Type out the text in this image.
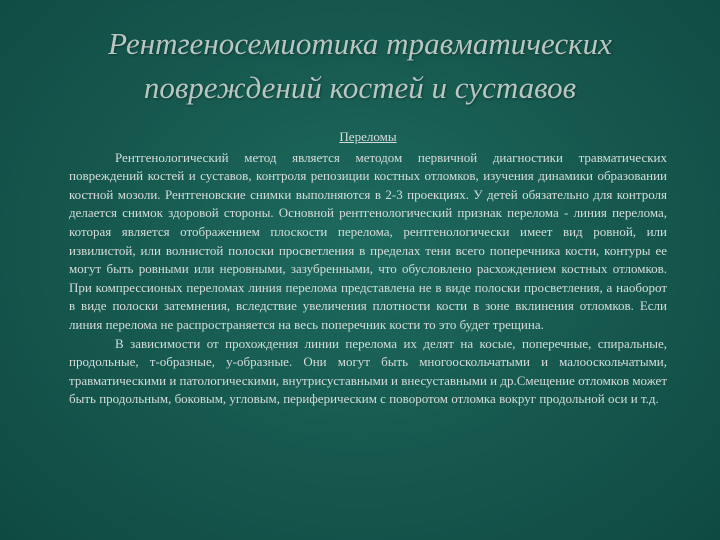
Рентгеносемиотика травматических повреждений костей и суставов

Переломы

Рентгенологический метод является методом первичной диагностики травматических повреждений костей и суставов, контроля репозиции костных отломков, изучения динамики образовании костной мозоли. Рентгеновские снимки выполняются в 2-3 проекциях. У детей обязательно для контроля делается снимок здоровой стороны. Основной рентгенологический признак перелома - линия перелома, которая является отображением плоскости перелома, рентгенологически имеет вид ровной, или извилистой, или волнистой полоски просветления в пределах тени всего поперечника кости, контуры ее могут быть ровными или неровными, зазубренными, что обусловлено расхождением костных отломков. При компрессионых переломах линия перелома представлена не в виде полоски просветления, а наоборот в виде полоски затемнения, вследствие увеличения плотности кости в зоне вклинения отломков. Если линия перелома не распространяется на весь поперечник кости то это будет трещина.

В зависимости от прохождения линии перелома их делят на косые, поперечные, спиральные, продольные, т-образные, у-образные. Они могут быть многооскольчатыми и малооскольчатыми, травматическими и патологическими, внутрисуставными и внесуставными и др.Смещение отломков может быть продольным, боковым, угловым, периферическим с поворотом отломка вокруг продольной оси и т.д.
